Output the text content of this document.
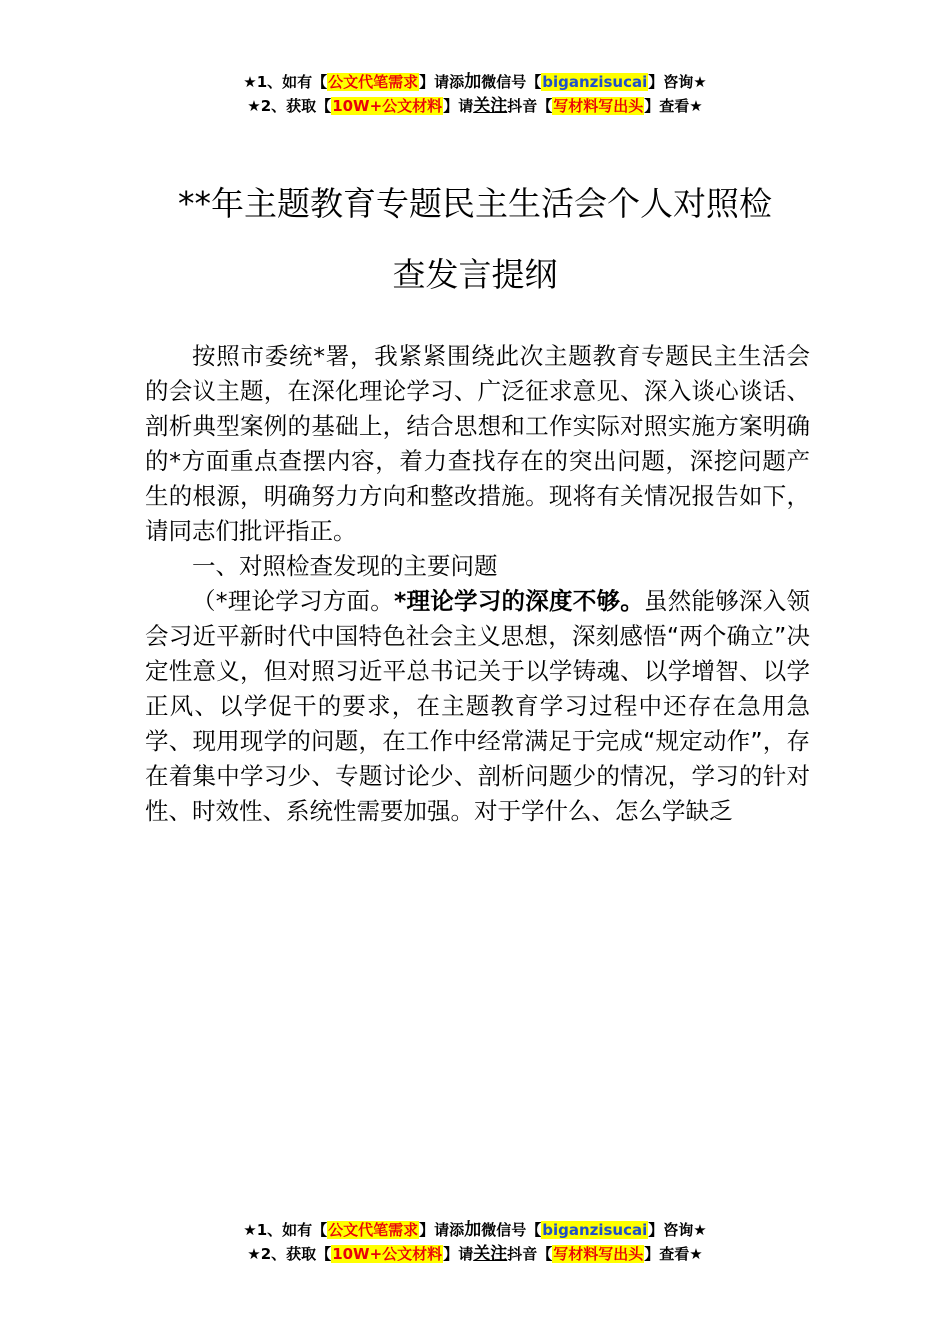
★1、如有【公文代笔需求】请添加微信号【biganzisucai】咨询★
★2、获取【10W+公文材料】请关注抖音【写材料写出头】查看★
**年主题教育专题民主生活会个人对照检
查发言提纲

按照市委统*署，我紧紧围绕此次主题教育专题民主生活会的会议主题，在深化理论学习、广泛征求意见、深入谈心谈话、剖析典型案例的基础上，结合思想和工作实际对照实施方案明确的*方面重点查摆内容，着力查找存在的突出问题，深挖问题产生的根源，明确努力方向和整改措施。现将有关情况报告如下，请同志们批评指正。

一、对照检查发现的主要问题

（*理论学习方面。*理论学习的深度不够。虽然能够深入领会习近平新时代中国特色社会主义思想，深刻感悟“两个确立”决定性意义，但对照习近平总书记关于以学铸魂、以学增智、以学正风、以学促干的要求，在主题教育学习过程中还存在急用急学、现用现学的问题，在工作中经常满足于完成“规定动作”，存在着集中学习少、专题讨论少、剖析问题少的情况，学习的针对性、时效性、系统性需要加强。对于学什么、怎么学缺乏

★1、如有【公文代笔需求】请添加微信号【biganzisucai】咨询★
★2、获取【10W+公文材料】请关注抖音【写材料写出头】查看★
